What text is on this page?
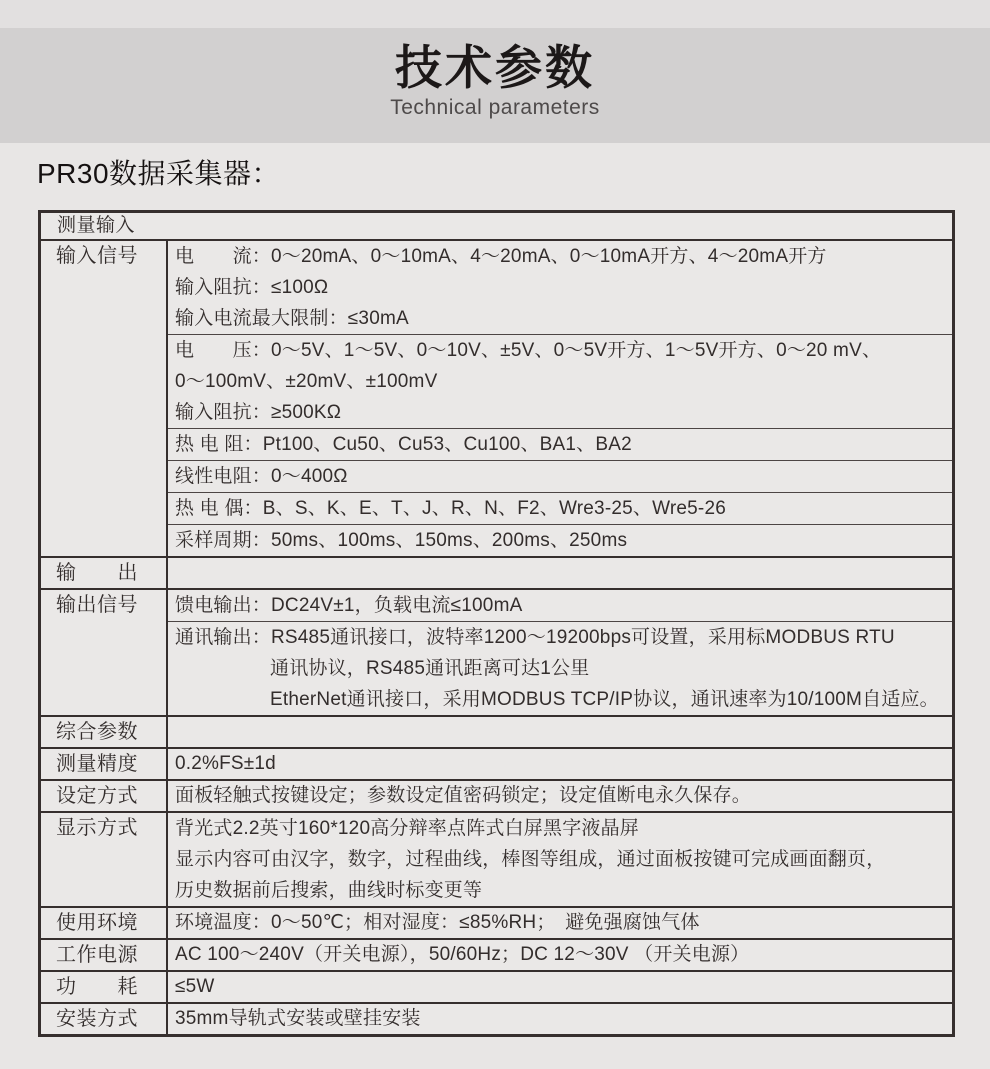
技术参数
Technical parameters
PR30数据采集器：
测量输入
输入信号	电　　流：0～20mA、0～10mA、4～20mA、0～10mA开方、4～20mA开方
输入阻抗：≤100Ω
输入电流最大限制：≤30mA
电　　压：0～5V、1～5V、0～10V、±5V、0～5V开方、1～5V开方、0～20 mV、
0～100mV、±20mV、±100mV
输入阻抗：≥500KΩ
热 电 阻：Pt100、Cu50、Cu53、Cu100、BA1、BA2
线性电阻：0～400Ω
热 电 偶：B、S、K、E、T、J、R、N、F2、Wre3-25、Wre5-26
采样周期：50ms、100ms、150ms、200ms、250ms
输　　出
输出信号	馈电输出：DC24V±1，负载电流≤100mA
通讯输出：RS485通讯接口，波特率1200～19200bps可设置，采用标MODBUS RTU
通讯协议，RS485通讯距离可达1公里
EtherNet通讯接口，采用MODBUS TCP/IP协议，通讯速率为10/100M自适应。
综合参数
测量精度	0.2%FS±1d
设定方式	面板轻触式按键设定；参数设定值密码锁定；设定值断电永久保存。
显示方式	背光式2.2英寸160*120高分辩率点阵式白屏黑字液晶屏
显示内容可由汉字，数字，过程曲线，棒图等组成，通过面板按键可完成画面翻页，
历史数据前后搜索，曲线时标变更等
使用环境	环境温度：0～50℃；相对湿度：≤85%RH；　避免强腐蚀气体
工作电源	AC 100～240V（开关电源），50/60Hz；DC 12～30V （开关电源）
功　　耗	≤5W
安装方式	35mm导轨式安装或壁挂安装
